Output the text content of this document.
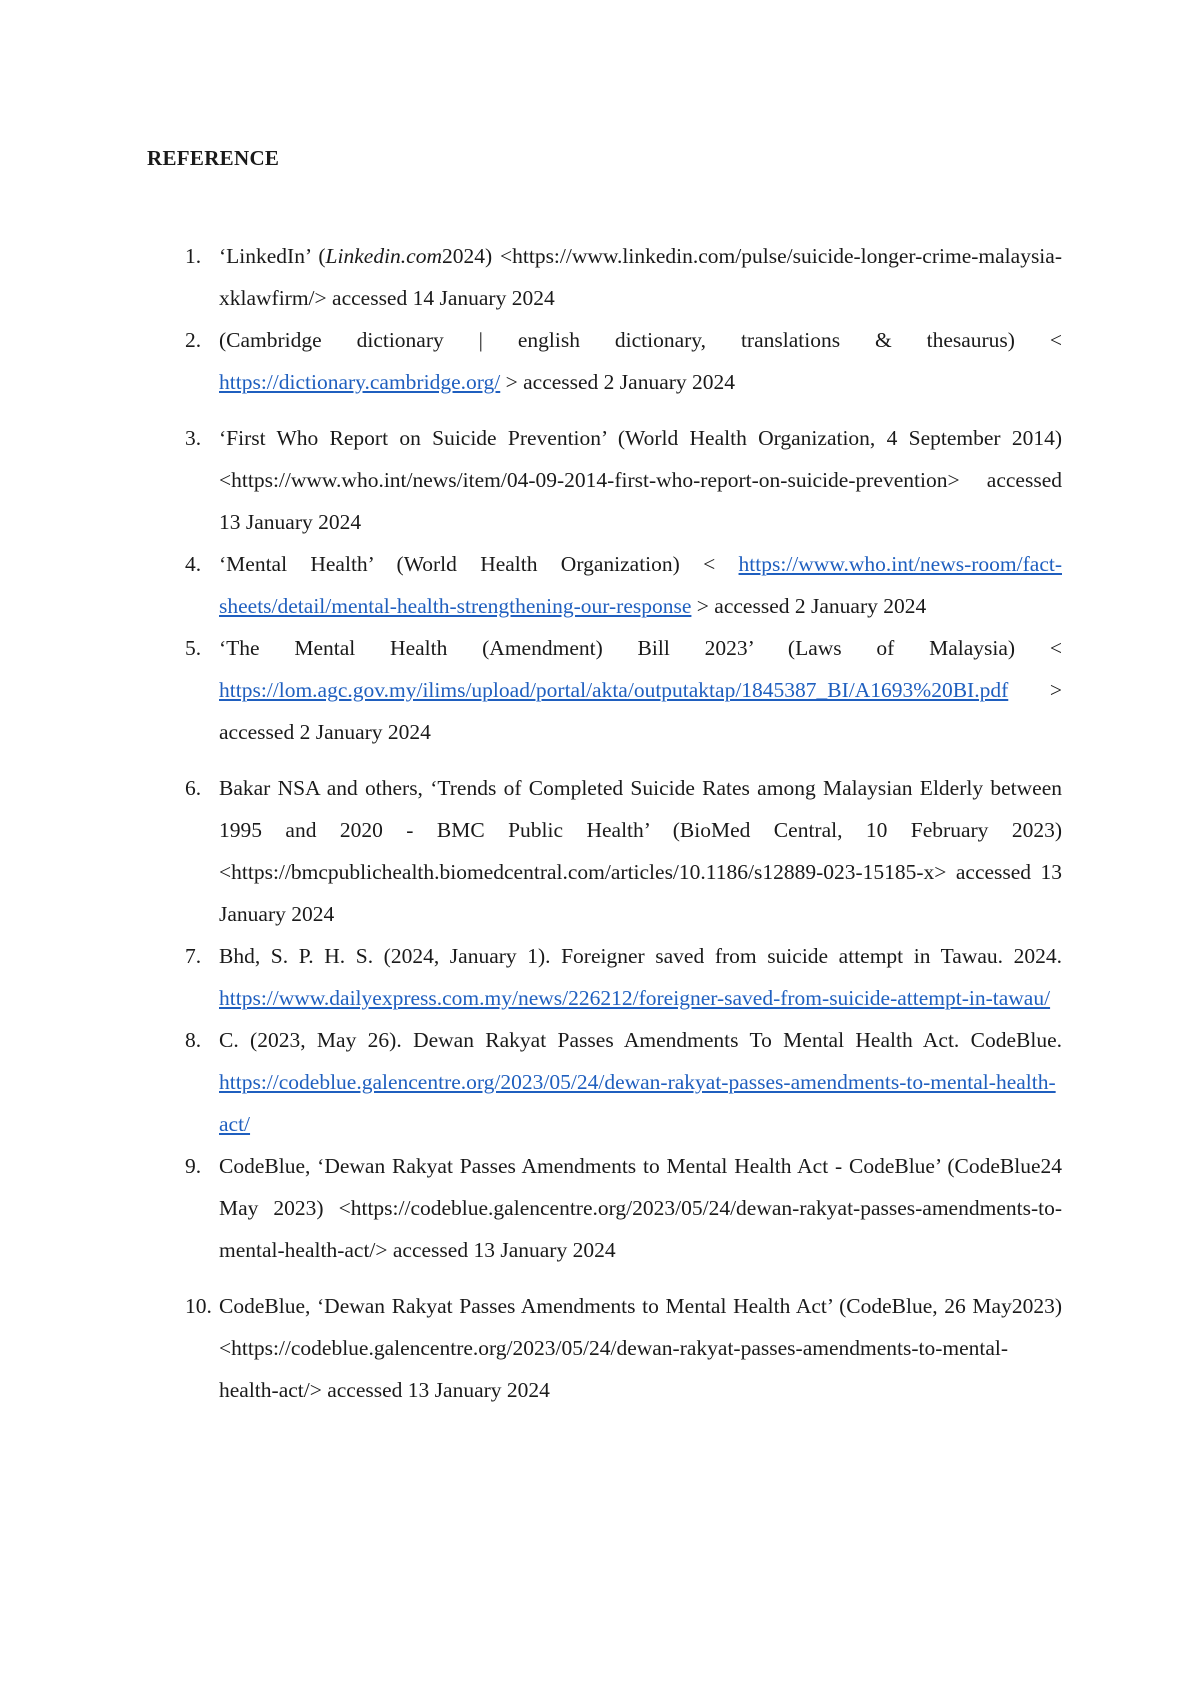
REFERENCE
1. ‘LinkedIn’ (Linkedin.com2024) <https://www.linkedin.com/pulse/suicide-longer-crime-malaysia-xklawfirm/> accessed 14 January 2024
2. (Cambridge dictionary | english dictionary, translations & thesaurus) < https://dictionary.cambridge.org/ > accessed 2 January 2024
3. ‘First Who Report on Suicide Prevention’ (World Health Organization, 4 September 2014)<https://www.who.int/news/item/04-09-2014-first-who-report-on-suicide-prevention> accessed 13 January 2024
4. ‘Mental Health’ (World Health Organization) < https://www.who.int/news-room/fact-sheets/detail/mental-health-strengthening-our-response > accessed 2 January 2024
5. ‘The Mental Health (Amendment) Bill 2023’ (Laws of Malaysia) < https://lom.agc.gov.my/ilims/upload/portal/akta/outputaktap/1845387_BI/A1693%20BI.pdf > accessed 2 January 2024
6. Bakar NSA and others, ‘Trends of Completed Suicide Rates among Malaysian Elderly between 1995 and 2020 - BMC Public Health’ (BioMed Central, 10 February 2023)<https://bmcpublichealth.biomedcentral.com/articles/10.1186/s12889-023-15185-x> accessed 13 January 2024
7. Bhd, S. P. H. S. (2024, January 1). Foreigner saved from suicide attempt in Tawau. 2024. https://www.dailyexpress.com.my/news/226212/foreigner-saved-from-suicide-attempt-in-tawau/
8. C. (2023, May 26). Dewan Rakyat Passes Amendments To Mental Health Act. CodeBlue. https://codeblue.galencentre.org/2023/05/24/dewan-rakyat-passes-amendments-to-mental-health-act/
9. CodeBlue, ‘Dewan Rakyat Passes Amendments to Mental Health Act - CodeBlue’ (CodeBlue24 May 2023) <https://codeblue.galencentre.org/2023/05/24/dewan-rakyat-passes-amendments-to-mental-health-act/> accessed 13 January 2024
10. CodeBlue, ‘Dewan Rakyat Passes Amendments to Mental Health Act’ (CodeBlue, 26 May2023)<https://codeblue.galencentre.org/2023/05/24/dewan-rakyat-passes-amendments-to-mental-health-act/> accessed 13 January 2024
